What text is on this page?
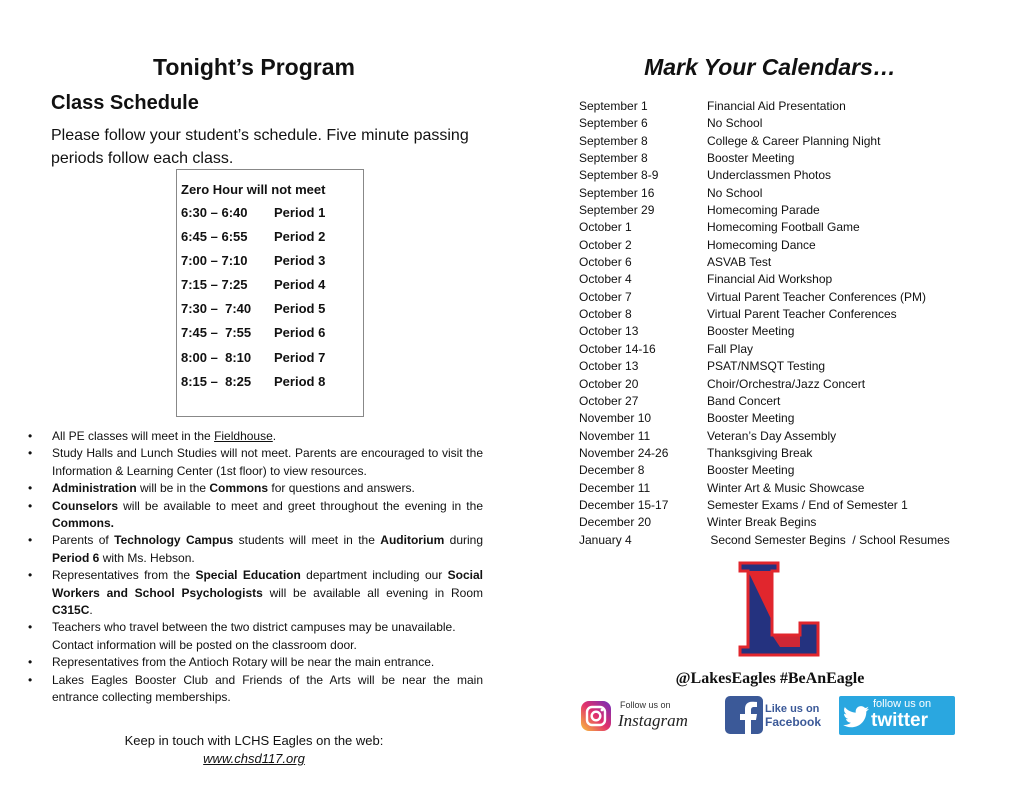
Tonight’s Program	Mark Your Calendars…
Class Schedule
Please follow your student’s schedule. Five minute passing periods follow each class.
Zero Hour will not meet
6:30 – 6:40 Period 1
6:45 – 6:55 Period 2
7:00 – 7:10 Period 3
7:15 – 7:25 Period 4
7:30 –  7:40 Period 5
7:45 –  7:55 Period 6
8:00 –  8:10 Period 7
8:15 –  8:25 Period 8
• All PE classes will meet in the Fieldhouse.
• Study Halls and Lunch Studies will not meet. Parents are encouraged to visit the Information & Learning Center (1st floor) to view resources.
• Administration will be in the Commons for questions and answers.
• Counselors will be available to meet and greet throughout the evening in the Commons.
• Parents of Technology Campus students will meet in the Auditorium during Period 6 with Ms. Hebson.
• Representatives from the Special Education department including our Social Workers and School Psychologists will be available all evening in Room C315C.
• Teachers who travel between the two district campuses may be unavailable. Contact information will be posted on the classroom door.
• Representatives from the Antioch Rotary will be near the main entrance.
• Lakes Eagles Booster Club and Friends of the Arts will be near the main entrance collecting memberships.
Keep in touch with LCHS Eagles on the web:
www.chsd117.org
September 1	Financial Aid Presentation
September 6	No School
September 8	College & Career Planning Night
September 8	Booster Meeting
September 8-9	Underclassmen Photos
September 16	No School
September 29	Homecoming Parade
October 1	Homecoming Football Game
October 2	Homecoming Dance
October 6	ASVAB Test
October 4	Financial Aid Workshop
October 7	Virtual Parent Teacher Conferences (PM)
October 8	Virtual Parent Teacher Conferences
October 13	Booster Meeting
October 14-16	Fall Play
October 13	PSAT/NMSQT Testing
October 20	Choir/Orchestra/Jazz Concert
October 27	Band Concert
November 10	Booster Meeting
November 11	Veteran’s Day Assembly
November 24-26	Thanksgiving Break
December 8	Booster Meeting
December 11	Winter Art & Music Showcase
December 15-17	Semester Exams / End of Semester 1
December 20	Winter Break Begins
January 4	Second Semester Begins  / School Resumes
@LakesEagles #BeAnEagle
Follow us on
Instagram
Like us on
Facebook
follow us on
twitter
